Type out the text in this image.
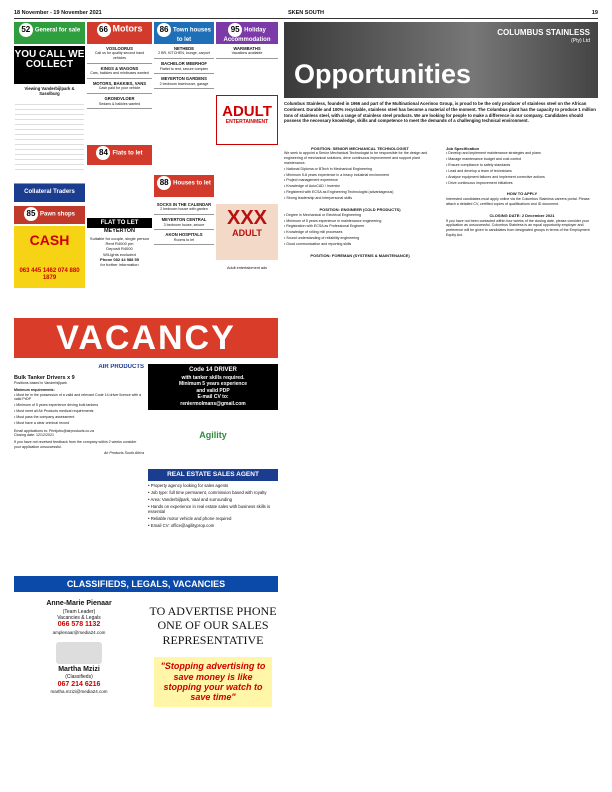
18 November - 19 November 2021	SKEN SOUTH	19
52 General for sale
YOU CALL WE COLLECT
Viewing Vanderbijlpark & Sasolburg
Collateral Traders
85 Pawn shops
CASH
063 445 1462 074 880 1879
66 Motors
VOSLOORUS
Call us for quality second hand vehicles
KINGS & WAGONS
Cars, bakkies and minibuses wanted
MOTORS, BAKKIES, VANS
Cash paid for your vehicle
GRONDVLOER
Sedans & bakkies wanted
84 Flats to let
FLAT TO LET
MEYERTON
Suitable for couple, single person
Rent R4000 pm
Deposit R4000
W/Lights excluded
Phone 082 44 588 55
for further information
86 Town houses to let
NETHEDE
2 BR, KITCHEN, lounge, carport
BACHELOR MEERHOF
Flatlet to rent, secure complex
MEYERTON GARDENS
2 bedroom townhouse, garage
88 Houses to let
SOCKS IN THE CALENDAR
2 bedroom house with garden
MEYERTON CENTRAL
3 bedroom house, secure
AKON HOSPITALS
Rooms to let
95 Holiday Accommodation
WARMBATHS
Vacations available
ADULT
ENTERTAINMENT
XXX
ADULT
Adult entertainment ads
VACANCY
AIR PRODUCTS
Bulk Tanker Drivers x 9
Positions based in Vanderbijlpark
Minimum requirements:

• Must be in the possession of a valid and relevant Code 14 driver licence with a valid PrDP

• Minimum of 5 years experience driving bulk tankers

• Must meet all Air Products medical requirements

• Must pass the company assessment

• Must have a clear criminal record

Email applications to: Printjobs@airproducts.co.za
Closing date: 12/12/2021
If you have not received feedback from the company within 2 weeks consider your application unsuccessful.
Air Products South Africa
Code 14 DRIVER
with tanker skills required.
Minimum 5 years experience
and valid PDP
E-mail CV to:
reniermolmans@gmail.com
Agility
REAL ESTATE SALES AGENT

• Property agency looking for sales agents

• Job type: full time permanent, commission based with royalty

• Area: Vanderbijlpark, Vaal and surrounding

• Hands on experience in real estate sales with business skills is essential

• Reliable motor vehicle and phone required

• Email CV: office@agilityprop.com

CLASSIFIEDS, LEGALS, VACANCIES
Anne-Marie Pienaar
(Team Leader)
Vacancies & Legals
066 578 1132
amplenaar@media24.com
Martha Mzizi
(Classifieds)
067 214 6216
martha.mzizi@media24.com
TO ADVERTISE PHONE ONE OF OUR SALES REPRESENTATIVE
"Stopping advertising to save money is like stopping your watch to save time"
COLUMBUS STAINLESS
(Pty) Ltd
Opportunities
Columbus Stainless, founded in 1966 and part of the Multinational Acerinox Group, is proud to be the only producer of stainless steel on the African Continent. Durable and 100% recyclable, stainless steel has become a material of the moment. The Columbus plant has the capacity to produce 1 million tons of stainless steel, with a range of stainless steel products. We are looking for people to make a difference in our company. Candidates should possess the necessary knowledge, skills and competence to meet the demands of a challenging technical environment.
POSITION: SENIOR MECHANICAL TECHNOLOGIST

We seek to appoint a Senior Mechanical Technologist to be responsible for the design and engineering of mechanical solutions, drive continuous improvement and support plant maintenance.

• National Diploma or BTech in Mechanical Engineering

• Minimum 5-8 years experience in a heavy industrial environment

• Project management experience

• Knowledge of AutoCAD / Inventor

• Registered with ECSA as Engineering Technologist (advantageous)

• Strong leadership and interpersonal skills

POSITION: ENGINEER (COLD PRODUCTS)

• Degree in Mechanical or Electrical Engineering

• Minimum of 5 years experience in maintenance engineering

• Registration with ECSA as Professional Engineer

• Knowledge of rolling mill processes

• Sound understanding of reliability engineering

• Good communication and reporting skills

POSITION: FOREMAN (SYSTEMS & MAINTENANCE)
Job Specification

• Develop and implement maintenance strategies and plans

• Manage maintenance budget and cost control

• Ensure compliance to safety standards

• Lead and develop a team of technicians

• Analyse equipment failures and implement corrective actions

• Drive continuous improvement initiatives

HOW TO APPLY

Interested candidates must apply online via the Columbus Stainless careers portal. Please attach a detailed CV, certified copies of qualifications and ID document.

CLOSING DATE: 2 December 2021

If you have not been contacted within four weeks of the closing date, please consider your application as unsuccessful. Columbus Stainless is an equal opportunity employer and preference will be given to candidates from designated groups in terms of the Employment Equity Act.
